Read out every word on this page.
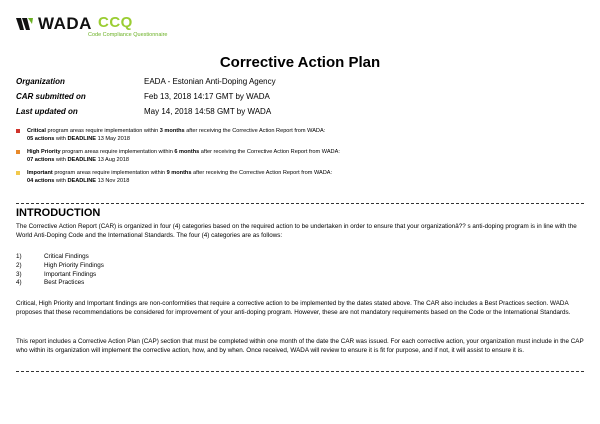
WADA CCQ
Code Compliance Questionnaire
Corrective Action Plan
Organization	EADA - Estonian Anti-Doping Agency
CAR submitted on	Feb 13, 2018 14:17 GMT by WADA
Last updated on	May 14, 2018 14:58 GMT by WADA
Critical program areas require implementation within 3 months after receiving the Corrective Action Report from WADA:
05 actions with DEADLINE 13 May 2018
High Priority program areas require implementation within 6 months after receiving the Corrective Action Report from WADA:
07 actions with DEADLINE 13 Aug 2018
Important program areas require implementation within 9 months after receiving the Corrective Action Report from WADA:
04 actions with DEADLINE 13 Nov 2018
INTRODUCTION
The Corrective Action Report (CAR) is organized in four (4) categories based on the required action to be undertaken in order to ensure that your organizationâ?? s anti-doping program is in line with the World Anti-Doping Code and the International Standards. The four (4) categories are as follows:
1)	Critical Findings
2)	High Priority Findings
3)	Important Findings
4)	Best Practices
Critical, High Priority and Important findings are non-conformities that require a corrective action to be implemented by the dates stated above. The CAR also includes a Best Practices section. WADA proposes that these recommendations be considered for improvement of your anti-doping program. However, these are not mandatory requirements based on the Code or the International Standards.
This report includes a Corrective Action Plan (CAP) section that must be completed within one month of the date the CAR was issued. For each corrective action, your organization must include in the CAP who within its organization will implement the corrective action, how, and by when. Once received, WADA will review to ensure it is fit for purpose, and if not, it will assist to ensure it is.
